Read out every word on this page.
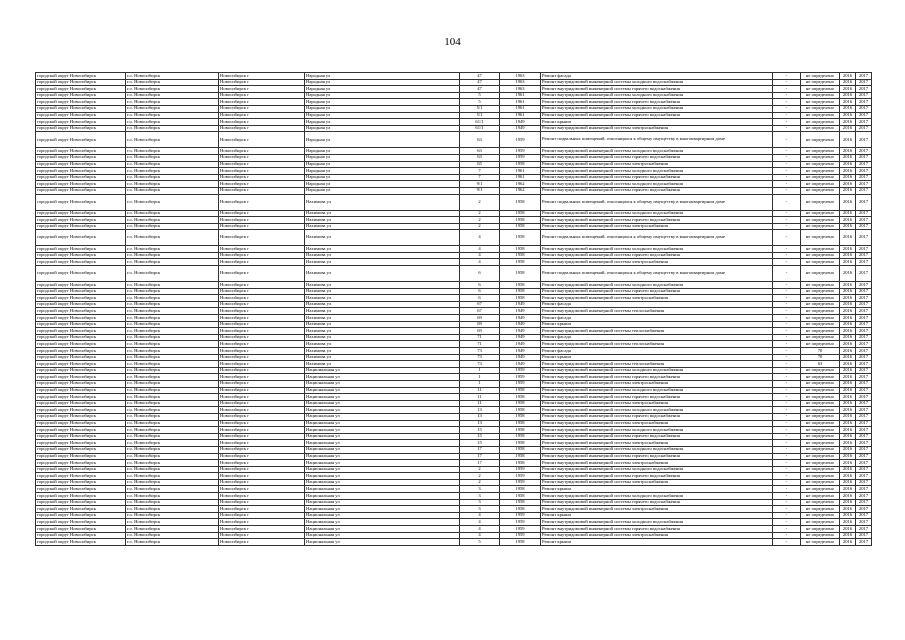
104
городской округ Новосибирск	г.о. Новосибирск	Новосибирск г	Народная ул	47	1963	Ремонт фасада	-	не определено	2016	2017
городской округ Новосибирск	г.о. Новосибирск	Новосибирск г	Народная ул	47	1963	Ремонт внутридомовой инженерной системы холодного водоснабжения	-	не определено	2016	2017
городской округ Новосибирск	г.о. Новосибирск	Новосибирск г	Народная ул	47	1963	Ремонт внутридомовой инженерной системы горячего водоснабжения	-	не определено	2016	2017
городской округ Новосибирск	г.о. Новосибирск	Новосибирск г	Народная ул	5	1961	Ремонт внутридомовой инженерной системы холодного водоснабжения	-	не определено	2016	2017
городской округ Новосибирск	г.о. Новосибирск	Новосибирск г	Народная ул	5	1961	Ремонт внутридомовой инженерной системы горячего водоснабжения	-	не определено	2016	2017
городской округ Новосибирск	г.о. Новосибирск	Новосибирск г	Народная ул	5/1	1961	Ремонт внутридомовой инженерной системы холодного водоснабжения	-	не определено	2016	2017
городской округ Новосибирск	г.о. Новосибирск	Новосибирск г	Народная ул	5/1	1961	Ремонт внутридомовой инженерной системы горячего водоснабжения	-	не определено	2016	2017
городской округ Новосибирск	г.о. Новосибирск	Новосибирск г	Народная ул	61/1	1949	Ремонт крыши	-	не определено	2016	2017
городской округ Новосибирск	г.о. Новосибирск	Новосибирск г	Народная ул	61/1	1949	Ремонт внутридомовой инженерной системы электроснабжения	-	не определено	2016	2017
городской округ Новосибирск	г.о. Новосибирск	Новосибирск г	Народная ул	63	1959	Ремонт подвальных помещений, относящихся к общему имуществу в многоквартирном доме	-	не определено	2016	2017
городской округ Новосибирск	г.о. Новосибирск	Новосибирск г	Народная ул	63	1959	Ремонт внутридомовой инженерной системы холодного водоснабжения	-	не определено	2016	2017
городской округ Новосибирск	г.о. Новосибирск	Новосибирск г	Народная ул	63	1959	Ремонт внутридомовой инженерной системы горячего водоснабжения	-	не определено	2016	2017
городской округ Новосибирск	г.о. Новосибирск	Новосибирск г	Народная ул	65	1958	Ремонт внутридомовой инженерной системы электроснабжения	-	не определено	2016	2017
городской округ Новосибирск	г.о. Новосибирск	Новосибирск г	Народная ул	7	1961	Ремонт внутридомовой инженерной системы холодного водоснабжения	-	не определено	2016	2017
городской округ Новосибирск	г.о. Новосибирск	Новосибирск г	Народная ул	7	1961	Ремонт внутридомовой инженерной системы горячего водоснабжения	-	не определено	2016	2017
городской округ Новосибирск	г.о. Новосибирск	Новосибирск г	Народная ул	9/1	1962	Ремонт внутридомовой инженерной системы холодного водоснабжения	-	не определено	2016	2017
городской округ Новосибирск	г.о. Новосибирск	Новосибирск г	Народная ул	9/1	1962	Ремонт внутридомовой инженерной системы горячего водоснабжения	-	не определено	2016	2017
городской округ Новосибирск	г.о. Новосибирск	Новосибирск г	Нахимова ул	2	1958	Ремонт подвальных помещений, относящихся к общему имуществу в многоквартирном доме	-	не определено	2016	2017
городской округ Новосибирск	г.о. Новосибирск	Новосибирск г	Нахимова ул	2	1958	Ремонт внутридомовой инженерной системы холодного водоснабжения	-	не определено	2016	2017
городской округ Новосибирск	г.о. Новосибирск	Новосибирск г	Нахимова ул	2	1958	Ремонт внутридомовой инженерной системы горячего водоснабжения	-	не определено	2016	2017
городской округ Новосибирск	г.о. Новосибирск	Новосибирск г	Нахимова ул	2	1958	Ремонт внутридомовой инженерной системы электроснабжения	-	не определено	2016	2017
городской округ Новосибирск	г.о. Новосибирск	Новосибирск г	Нахимова ул	4	1958	Ремонт подвальных помещений, относящихся к общему имуществу в многоквартирном доме	-	не определено	2016	2017
городской округ Новосибирск	г.о. Новосибирск	Новосибирск г	Нахимова ул	4	1958	Ремонт внутридомовой инженерной системы холодного водоснабжения	-	не определено	2016	2017
городской округ Новосибирск	г.о. Новосибирск	Новосибирск г	Нахимова ул	4	1958	Ремонт внутридомовой инженерной системы горячего водоснабжения	-	не определено	2016	2017
городской округ Новосибирск	г.о. Новосибирск	Новосибирск г	Нахимова ул	4	1958	Ремонт внутридомовой инженерной системы электроснабжения	-	не определено	2016	2017
городской округ Новосибирск	г.о. Новосибирск	Новосибирск г	Нахимова ул	6	1958	Ремонт подвальных помещений, относящихся к общему имуществу в многоквартирном доме	-	не определено	2016	2017
городской округ Новосибирск	г.о. Новосибирск	Новосибирск г	Нахимова ул	6	1958	Ремонт внутридомовой инженерной системы холодного водоснабжения	-	не определено	2016	2017
городской округ Новосибирск	г.о. Новосибирск	Новосибирск г	Нахимова ул	6	1958	Ремонт внутридомовой инженерной системы горячего водоснабжения	-	не определено	2016	2017
городской округ Новосибирск	г.о. Новосибирск	Новосибирск г	Нахимова ул	6	1958	Ремонт внутридомовой инженерной системы электроснабжения	-	не определено	2016	2017
городской округ Новосибирск	г.о. Новосибирск	Новосибирск г	Нахимова ул	67	1949	Ремонт фасада	-	не определено	2016	2017
городской округ Новосибирск	г.о. Новосибирск	Новосибирск г	Нахимова ул	67	1949	Ремонт внутридомовой инженерной системы теплоснабжения	-	не определено	2016	2017
городской округ Новосибирск	г.о. Новосибирск	Новосибирск г	Нахимова ул	69	1949	Ремонт фасада	-	не определено	2016	2017
городской округ Новосибирск	г.о. Новосибирск	Новосибирск г	Нахимова ул	69	1949	Ремонт крыши	-	не определено	2016	2017
городской округ Новосибирск	г.о. Новосибирск	Новосибирск г	Нахимова ул	69	1949	Ремонт внутридомовой инженерной системы теплоснабжения	-	не определено	2016	2017
городской округ Новосибирск	г.о. Новосибирск	Новосибирск г	Нахимова ул	71	1949	Ремонт фасада	-	не определено	2016	2017
городской округ Новосибирск	г.о. Новосибирск	Новосибирск г	Нахимова ул	71	1949	Ремонт внутридомовой инженерной системы теплоснабжения	-	не определено	2016	2017
городской округ Новосибирск	г.о. Новосибирск	Новосибирск г	Нахимова ул	73	1949	Ремонт фасада	-	70	2016	2017
городской округ Новосибирск	г.о. Новосибирск	Новосибирск г	Нахимова ул	73	1949	Ремонт крыши	-	70	2016	2017
городской округ Новосибирск	г.о. Новосибирск	Новосибирск г	Нахимова ул	73	1949	Ремонт внутридомовой инженерной системы теплоснабжения	-	63	2016	2017
городской округ Новосибирск	г.о. Новосибирск	Новосибирск г	Национальная ул	1	1959	Ремонт внутридомовой инженерной системы холодного водоснабжения	-	не определено	2016	2017
городской округ Новосибирск	г.о. Новосибирск	Новосибирск г	Национальная ул	1	1959	Ремонт внутридомовой инженерной системы горячего водоснабжения	-	не определено	2016	2017
городской округ Новосибирск	г.о. Новосибирск	Новосибирск г	Национальная ул	1	1959	Ремонт внутридомовой инженерной системы электроснабжения	-	не определено	2016	2017
городской округ Новосибирск	г.о. Новосибирск	Новосибирск г	Национальная ул	11	1958	Ремонт внутридомовой инженерной системы холодного водоснабжения	-	не определено	2016	2017
городской округ Новосибирск	г.о. Новосибирск	Новосибирск г	Национальная ул	11	1958	Ремонт внутридомовой инженерной системы горячего водоснабжения	-	не определено	2016	2017
городской округ Новосибирск	г.о. Новосибирск	Новосибирск г	Национальная ул	11	1958	Ремонт внутридомовой инженерной системы электроснабжения	-	не определено	2016	2017
городской округ Новосибирск	г.о. Новосибирск	Новосибирск г	Национальная ул	13	1958	Ремонт внутридомовой инженерной системы холодного водоснабжения	-	не определено	2016	2017
городской округ Новосибирск	г.о. Новосибирск	Новосибирск г	Национальная ул	13	1958	Ремонт внутридомовой инженерной системы горячего водоснабжения	-	не определено	2016	2017
городской округ Новосибирск	г.о. Новосибирск	Новосибирск г	Национальная ул	13	1958	Ремонт внутридомовой инженерной системы электроснабжения	-	не определено	2016	2017
городской округ Новосибирск	г.о. Новосибирск	Новосибирск г	Национальная ул	15	1958	Ремонт внутридомовой инженерной системы холодного водоснабжения	-	не определено	2016	2017
городской округ Новосибирск	г.о. Новосибирск	Новосибирск г	Национальная ул	15	1958	Ремонт внутридомовой инженерной системы горячего водоснабжения	-	не определено	2016	2017
городской округ Новосибирск	г.о. Новосибирск	Новосибирск г	Национальная ул	15	1958	Ремонт внутридомовой инженерной системы электроснабжения	-	не определено	2016	2017
городской округ Новосибирск	г.о. Новосибирск	Новосибирск г	Национальная ул	17	1958	Ремонт внутридомовой инженерной системы холодного водоснабжения	-	не определено	2016	2017
городской округ Новосибирск	г.о. Новосибирск	Новосибирск г	Национальная ул	17	1958	Ремонт внутридомовой инженерной системы горячего водоснабжения	-	не определено	2016	2017
городской округ Новосибирск	г.о. Новосибирск	Новосибирск г	Национальная ул	17	1958	Ремонт внутридомовой инженерной системы электроснабжения	-	не определено	2016	2017
городской округ Новосибирск	г.о. Новосибирск	Новосибирск г	Национальная ул	2	1959	Ремонт внутридомовой инженерной системы холодного водоснабжения	-	не определено	2016	2017
городской округ Новосибирск	г.о. Новосибирск	Новосибирск г	Национальная ул	2	1959	Ремонт внутридомовой инженерной системы горячего водоснабжения	-	не определено	2016	2017
городской округ Новосибирск	г.о. Новосибирск	Новосибирск г	Национальная ул	2	1959	Ремонт внутридомовой инженерной системы электроснабжения	-	не определено	2016	2017
городской округ Новосибирск	г.о. Новосибирск	Новосибирск г	Национальная ул	3	1958	Ремонт крыши	-	не определено	2016	2017
городской округ Новосибирск	г.о. Новосибирск	Новосибирск г	Национальная ул	3	1958	Ремонт внутридомовой инженерной системы холодного водоснабжения	-	не определено	2016	2017
городской округ Новосибирск	г.о. Новосибирск	Новосибирск г	Национальная ул	3	1958	Ремонт внутридомовой инженерной системы горячего водоснабжения	-	не определено	2016	2017
городской округ Новосибирск	г.о. Новосибирск	Новосибирск г	Национальная ул	3	1958	Ремонт внутридомовой инженерной системы электроснабжения	-	не определено	2016	2017
городской округ Новосибирск	г.о. Новосибирск	Новосибирск г	Национальная ул	4	1959	Ремонт крыши	-	не определено	2016	2017
городской округ Новосибирск	г.о. Новосибирск	Новосибирск г	Национальная ул	4	1959	Ремонт внутридомовой инженерной системы холодного водоснабжения	-	не определено	2016	2017
городской округ Новосибирск	г.о. Новосибирск	Новосибирск г	Национальная ул	4	1959	Ремонт внутридомовой инженерной системы горячего водоснабжения	-	не определено	2016	2017
городской округ Новосибирск	г.о. Новосибирск	Новосибирск г	Национальная ул	4	1959	Ремонт внутридомовой инженерной системы электроснабжения	-	не определено	2016	2017
городской округ Новосибирск	г.о. Новосибирск	Новосибирск г	Национальная ул	5	1958	Ремонт крыши	-	не определено	2016	2017
